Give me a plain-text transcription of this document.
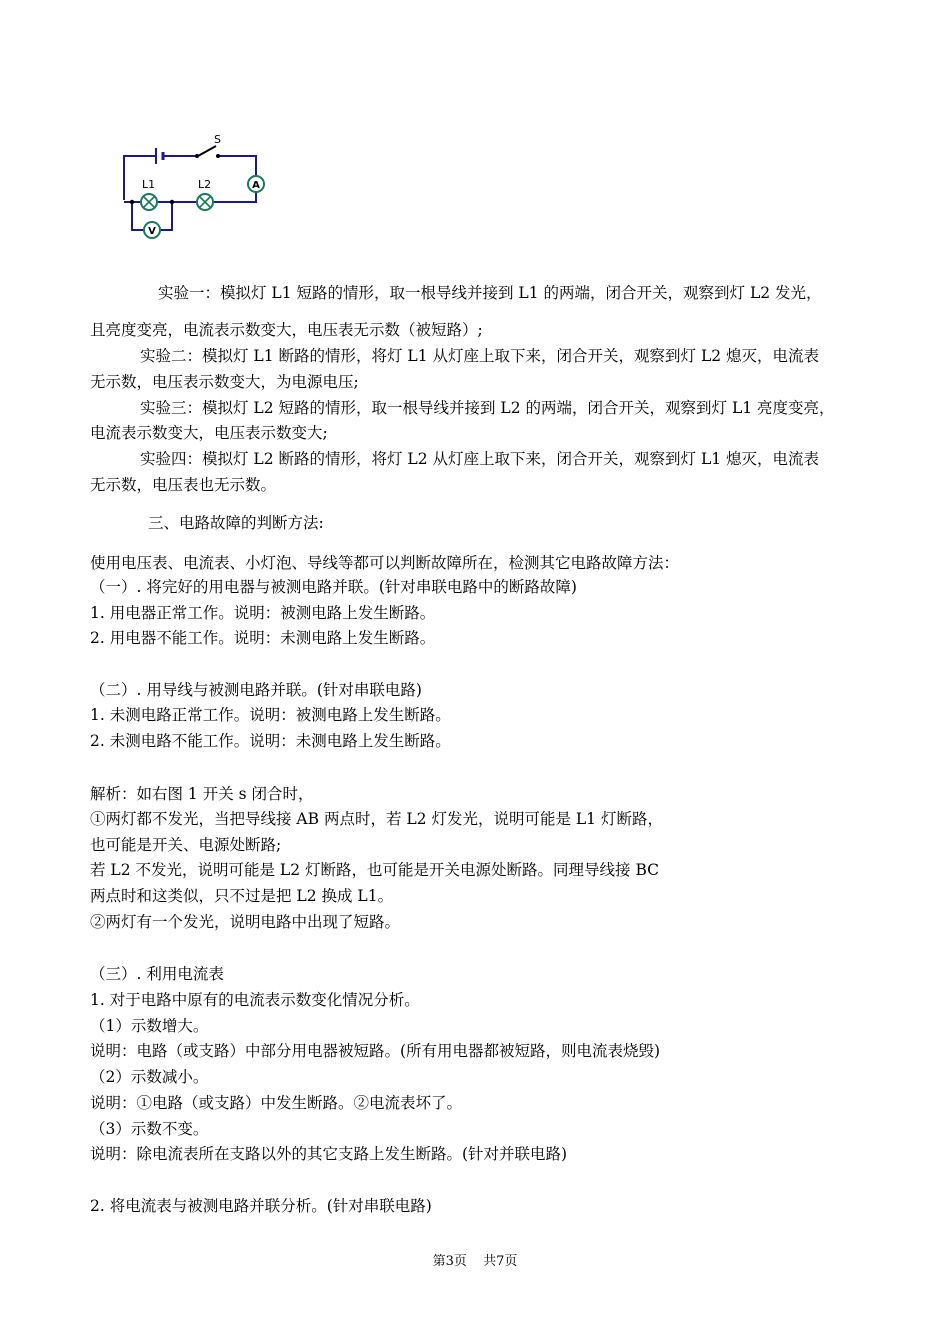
A
V
S
L1	L2
实验一：模拟灯 L1 短路的情形，取一根导线并接到 L1 的两端，闭合开关，观察到灯 L2 发光，
且亮度变亮，电流表示数变大，电压表无示数（被短路）;
实验二：模拟灯 L1 断路的情形，将灯 L1 从灯座上取下来，闭合开关，观察到灯 L2 熄灭，电流表
无示数，电压表示数变大，为电源电压;
实验三：模拟灯 L2 短路的情形，取一根导线并接到 L2 的两端，闭合开关，观察到灯 L1 亮度变亮，
电流表示数变大，电压表示数变大;
实验四：模拟灯 L2 断路的情形，将灯 L2 从灯座上取下来，闭合开关，观察到灯 L1 熄灭，电流表
无示数，电压表也无示数。
三、电路故障的判断方法:
使用电压表、电流表、小灯泡、导线等都可以判断故障所在，检测其它电路故障方法：
（一）. 将完好的用电器与被测电路并联。(针对串联电路中的断路故障)
1. 用电器正常工作。说明：被测电路上发生断路。
2. 用电器不能工作。说明：未测电路上发生断路。
（二）. 用导线与被测电路并联。(针对串联电路)
1. 未测电路正常工作。说明：被测电路上发生断路。
2. 未测电路不能工作。说明：未测电路上发生断路。
解析：如右图 1 开关 s 闭合时，
①两灯都不发光，当把导线接 AB 两点时，若 L2 灯发光，说明可能是 L1 灯断路，
也可能是开关、电源处断路;
若 L2 不发光，说明可能是 L2 灯断路，也可能是开关电源处断路。同理导线接 BC
两点时和这类似，只不过是把 L2 换成 L1。
②两灯有一个发光，说明电路中出现了短路。
（三）. 利用电流表
1. 对于电路中原有的电流表示数变化情况分析。
（1）示数增大。
说明：电路（或支路）中部分用电器被短路。(所有用电器都被短路，则电流表烧毁)
（2）示数减小。
说明：①电路（或支路）中发生断路。②电流表坏了。
（3）示数不变。
说明：除电流表所在支路以外的其它支路上发生断路。(针对并联电路)
2. 将电流表与被测电路并联分析。(针对串联电路)
第3页 共7页
